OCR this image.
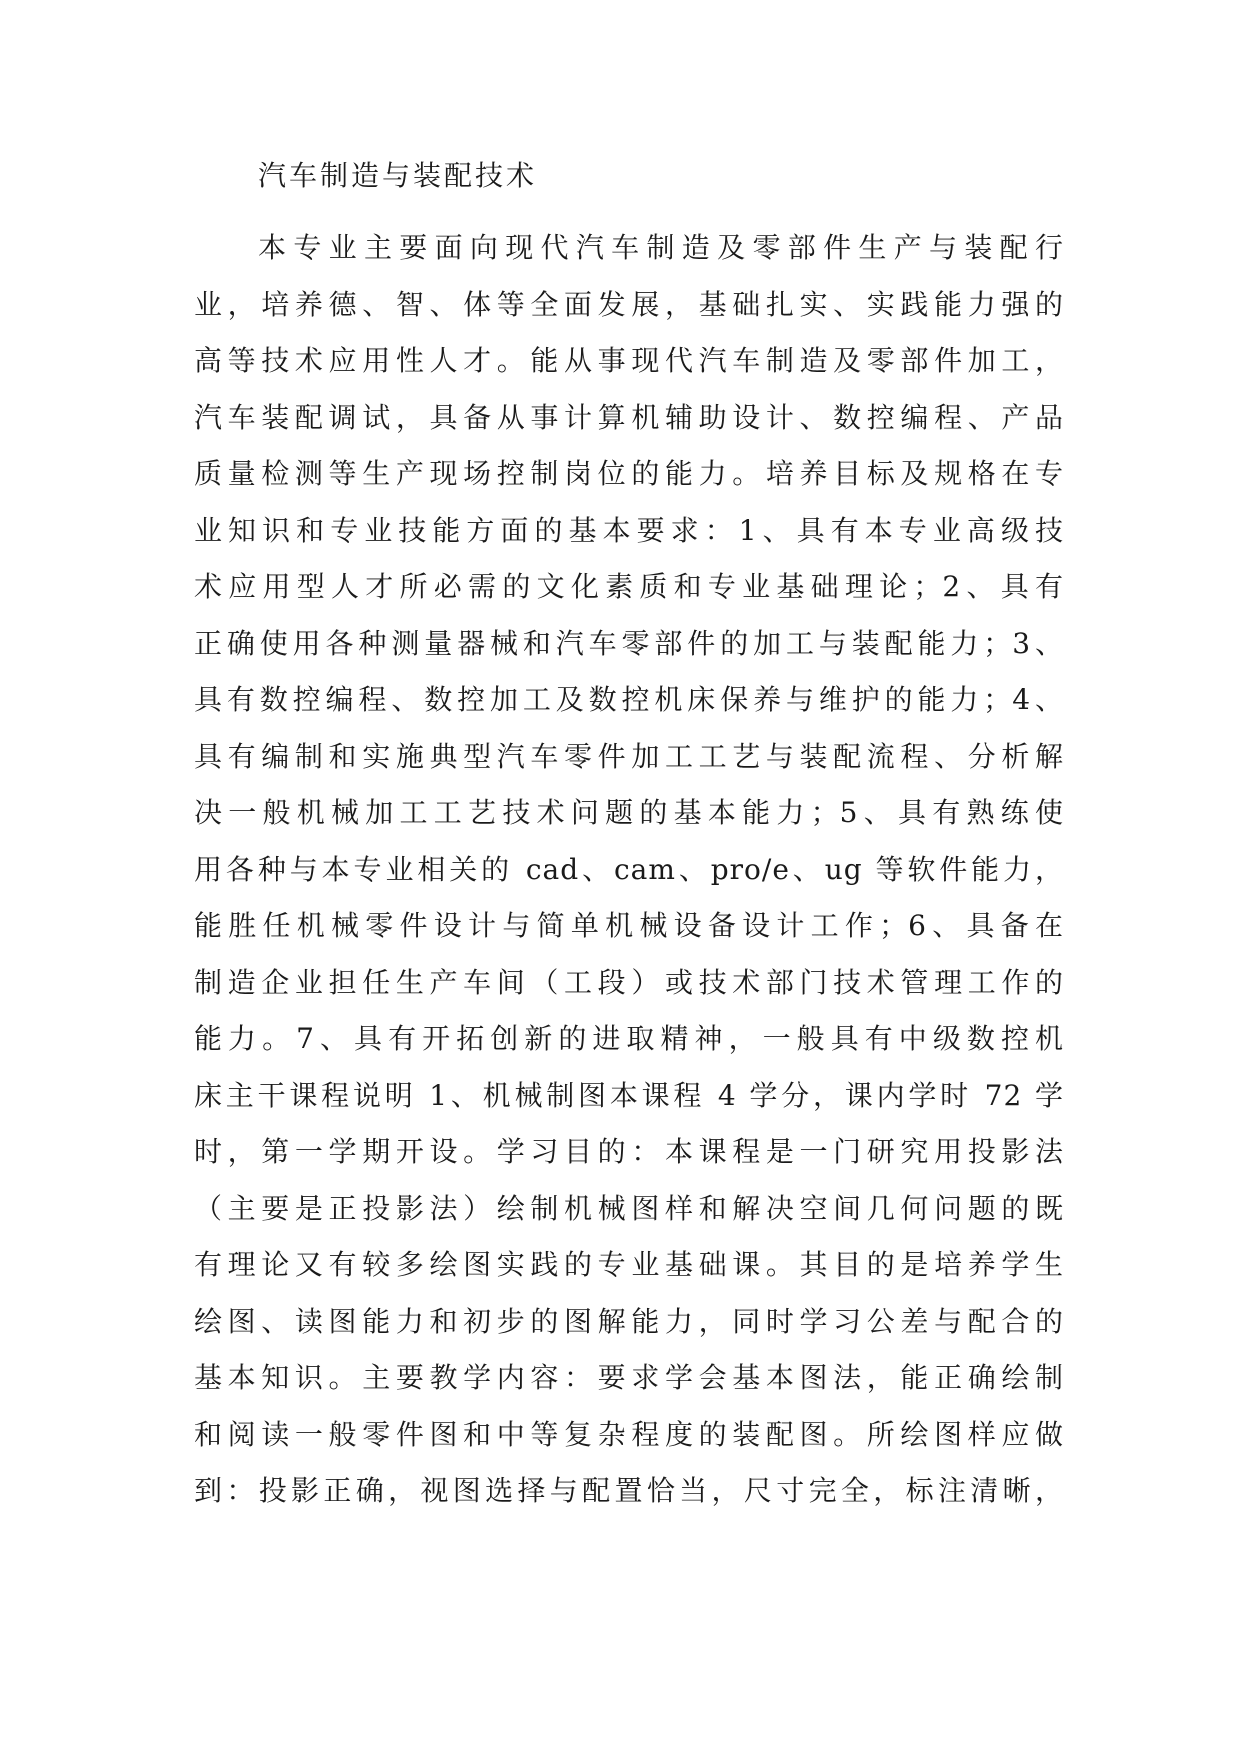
汽车制造与装配技术
本专业主要面向现代汽车制造及零部件生产与装配行
业，培养德、智、体等全面发展，基础扎实、实践能力强的
高等技术应用性人才。能从事现代汽车制造及零部件加工，
汽车装配调试，具备从事计算机辅助设计、数控编程、产品
质量检测等生产现场控制岗位的能力。培养目标及规格在专
业知识和专业技能方面的基本要求：1、具有本专业高级技
术应用型人才所必需的文化素质和专业基础理论；2、具有
正确使用各种测量器械和汽车零部件的加工与装配能力；3、
具有数控编程、数控加工及数控机床保养与维护的能力；4、
具有编制和实施典型汽车零件加工工艺与装配流程、分析解
决一般机械加工工艺技术问题的基本能力；5、具有熟练使
用各种与本专业相关的 cad、cam、pro/e、ug 等软件能力，
能胜任机械零件设计与简单机械设备设计工作；6、具备在
制造企业担任生产车间（工段）或技术部门技术管理工作的
能力。7、具有开拓创新的进取精神，一般具有中级数控机
床主干课程说明 1、机械制图本课程 4 学分，课内学时 72 学
时，第一学期开设。学习目的：本课程是一门研究用投影法
（主要是正投影法）绘制机械图样和解决空间几何问题的既
有理论又有较多绘图实践的专业基础课。其目的是培养学生
绘图、读图能力和初步的图解能力，同时学习公差与配合的
基本知识。主要教学内容：要求学会基本图法，能正确绘制
和阅读一般零件图和中等复杂程度的装配图。所绘图样应做
到：投影正确，视图选择与配置恰当，尺寸完全，标注清晰，
